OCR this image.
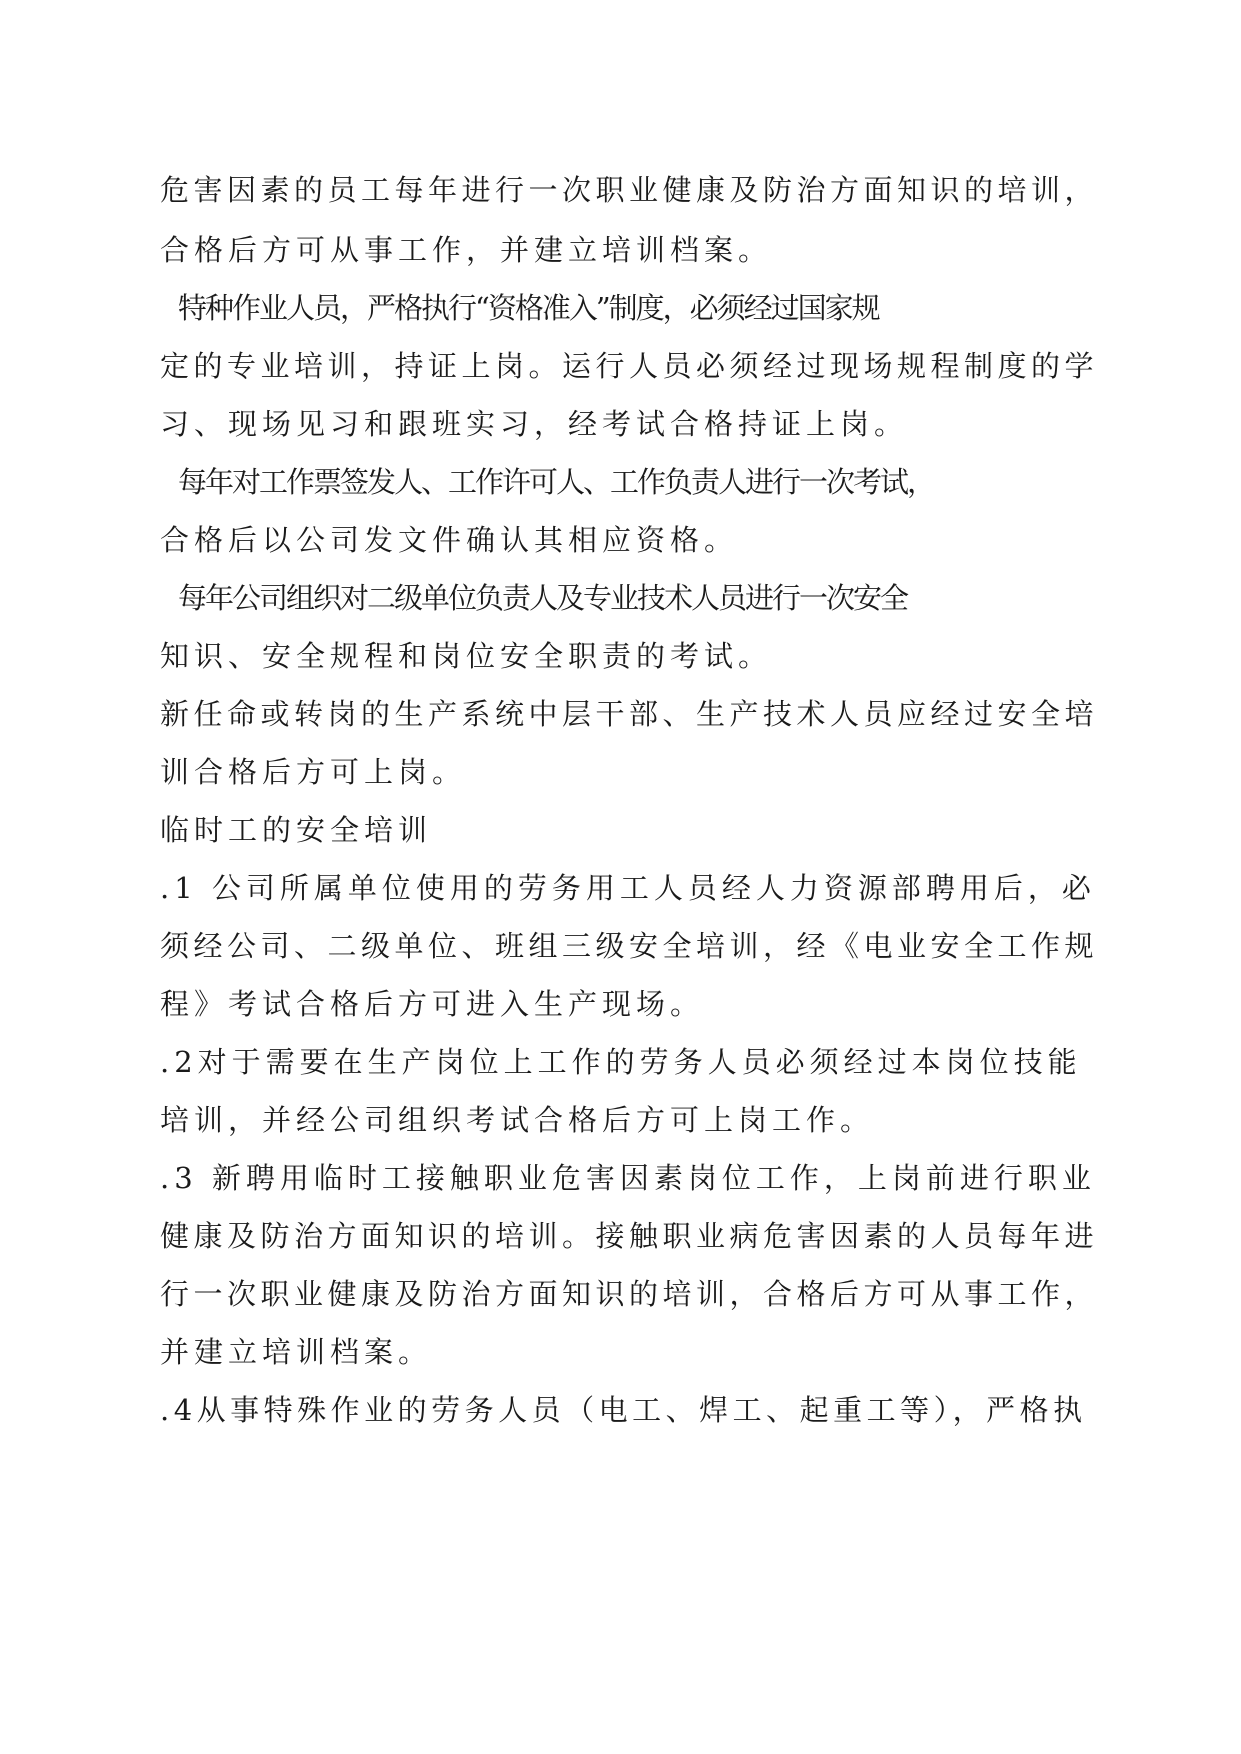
危害因素的员工每年进行一次职业健康及防治方面知识的培训，
合格后方可从事工作，并建立培训档案。
特种作业人员，严格执行“资格准入”制度，必须经过国家规
定的专业培训，持证上岗。运行人员必须经过现场规程制度的学
习、现场见习和跟班实习，经考试合格持证上岗。
每年对工作票签发人、工作许可人、工作负责人进行一次考试，
合格后以公司发文件确认其相应资格。
每年公司组织对二级单位负责人及专业技术人员进行一次安全
知识、安全规程和岗位安全职责的考试。
新任命或转岗的生产系统中层干部、生产技术人员应经过安全培
训合格后方可上岗。
临时工的安全培训
.1 公司所属单位使用的劳务用工人员经人力资源部聘用后，必
须经公司、二级单位、班组三级安全培训，经《电业安全工作规
程》考试合格后方可进入生产现场。
.2对于需要在生产岗位上工作的劳务人员必须经过本岗位技能
培训，并经公司组织考试合格后方可上岗工作。
.3 新聘用临时工接触职业危害因素岗位工作，上岗前进行职业
健康及防治方面知识的培训。接触职业病危害因素的人员每年进
行一次职业健康及防治方面知识的培训，合格后方可从事工作，
并建立培训档案。
.4从事特殊作业的劳务人员（电工、焊工、起重工等），严格执
